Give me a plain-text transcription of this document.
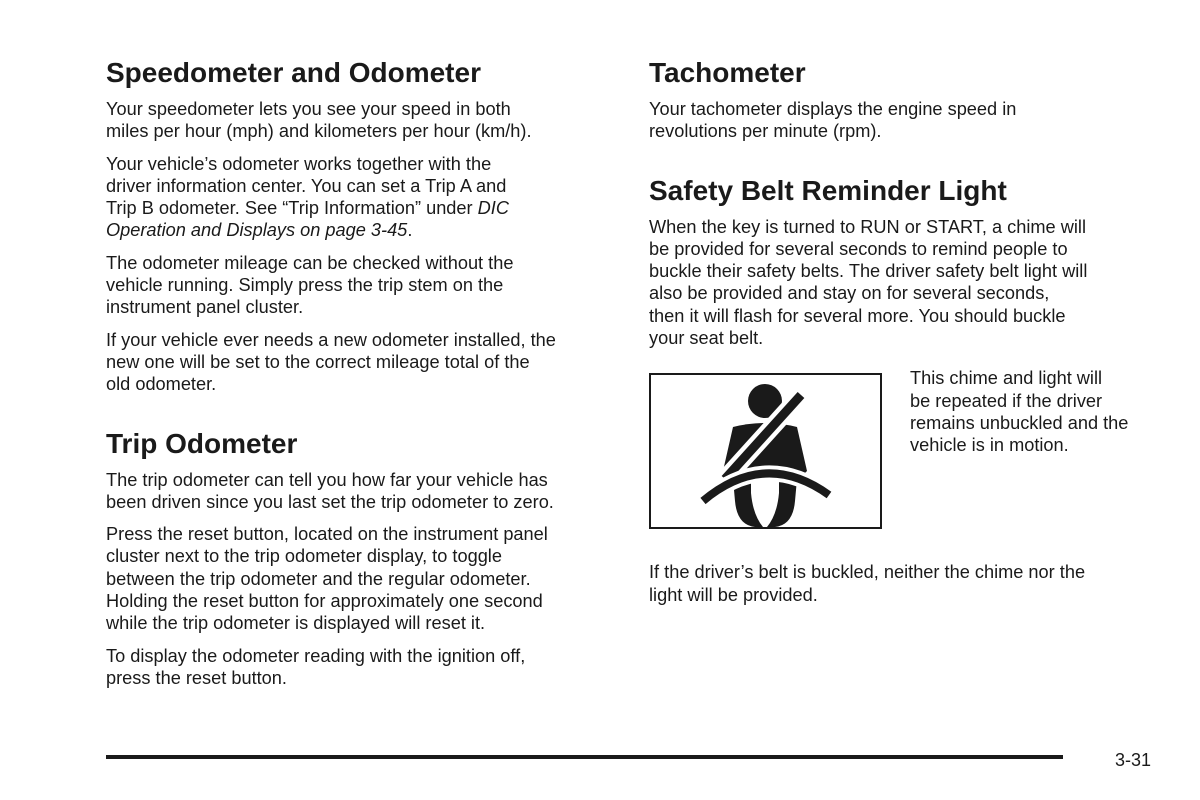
Speedometer and Odometer

Your speedometer lets you see your speed in both
miles per hour (mph) and kilometers per hour (km/h).

Your vehicle’s odometer works together with the
driver information center. You can set a Trip A and
Trip B odometer. See “Trip Information” under DIC
Operation and Displays on page 3-45.

The odometer mileage can be checked without the
vehicle running. Simply press the trip stem on the
instrument panel cluster.

If your vehicle ever needs a new odometer installed, the
new one will be set to the correct mileage total of the
old odometer.

Trip Odometer

The trip odometer can tell you how far your vehicle has
been driven since you last set the trip odometer to zero.

Press the reset button, located on the instrument panel
cluster next to the trip odometer display, to toggle
between the trip odometer and the regular odometer.
Holding the reset button for approximately one second
while the trip odometer is displayed will reset it.

To display the odometer reading with the ignition off,
press the reset button.

Tachometer

Your tachometer displays the engine speed in
revolutions per minute (rpm).

Safety Belt Reminder Light

When the key is turned to RUN or START, a chime will
be provided for several seconds to remind people to
buckle their safety belts. The driver safety belt light will
also be provided and stay on for several seconds,
then it will flash for several more. You should buckle
your seat belt.

This chime and light will
be repeated if the driver
remains unbuckled and the
vehicle is in motion.

If the driver’s belt is buckled, neither the chime nor the
light will be provided.

3-31
